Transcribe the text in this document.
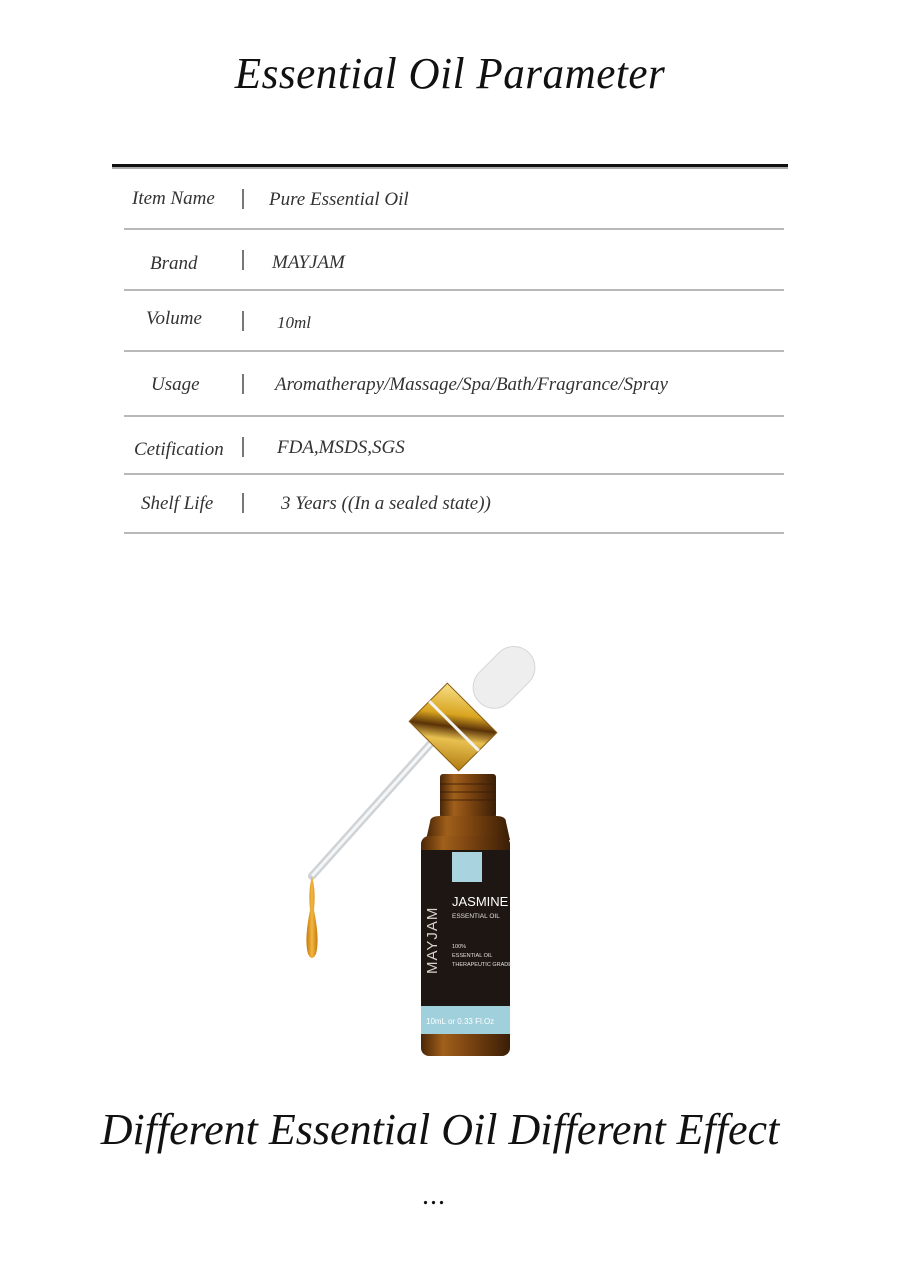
Essential Oil Parameter
Item Name	Pure Essential Oil
Brand	MAYJAM
Volume	10ml
Usage	Aromatherapy/Massage/Spa/Bath/Fragrance/Spray
Cetification	FDA,MSDS,SGS
Shelf Life	3 Years ((In a sealed state))
MAYJAM
JASMINE
ESSENTIAL OIL
100%
ESSENTIAL OIL
THERAPEUTIC GRADE
10mL or 0.33 Fl.Oz
Different Essential Oil Different Effect
...
